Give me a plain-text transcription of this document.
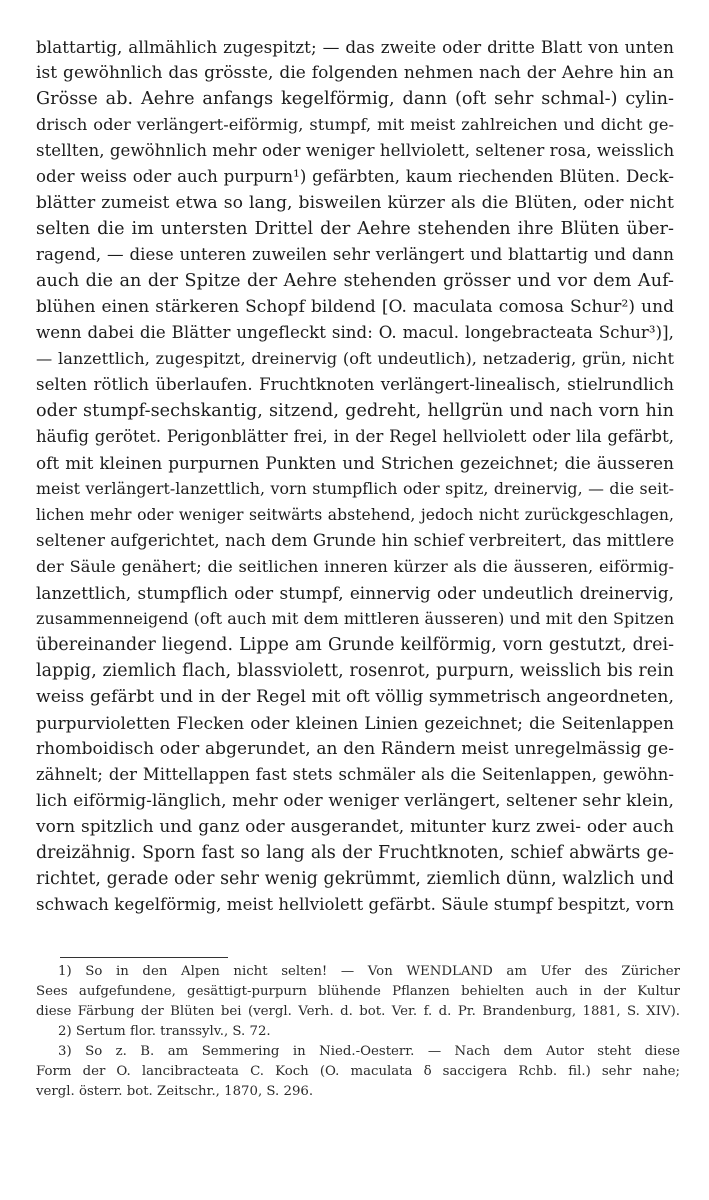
blattartig, allmählich zugespitzt; — das zweite oder dritte Blatt von unten
ist gewöhnlich das grösste, die folgenden nehmen nach der Aehre hin an
Grösse ab. Aehre anfangs kegelförmig, dann (oft sehr schmal-) cylin-
drisch oder verlängert-eiförmig, stumpf, mit meist zahlreichen und dicht ge-
stellten, gewöhnlich mehr oder weniger hellviolett, seltener rosa, weisslich
oder weiss oder auch purpurn¹) gefärbten, kaum riechenden Blüten. Deck-
blätter zumeist etwa so lang, bisweilen kürzer als die Blüten, oder nicht
selten die im untersten Drittel der Aehre stehenden ihre Blüten über-
ragend, — diese unteren zuweilen sehr verlängert und blattartig und dann
auch die an der Spitze der Aehre stehenden grösser und vor dem Auf-
blühen einen stärkeren Schopf bildend [O. maculata comosa Schur²) und
wenn dabei die Blätter ungefleckt sind: O. macul. longebracteata Schur³)],
— lanzettlich, zugespitzt, dreinervig (oft undeutlich), netzaderig, grün, nicht
selten rötlich überlaufen. Fruchtknoten verlängert-linealisch, stielrundlich
oder stumpf-sechskantig, sitzend, gedreht, hellgrün und nach vorn hin
häufig gerötet. Perigonblätter frei, in der Regel hellviolett oder lila gefärbt,
oft mit kleinen purpurnen Punkten und Strichen gezeichnet; die äusseren
meist verlängert-lanzettlich, vorn stumpflich oder spitz, dreinervig, — die seit-
lichen mehr oder weniger seitwärts abstehend, jedoch nicht zurückgeschlagen,
seltener aufgerichtet, nach dem Grunde hin schief verbreitert, das mittlere
der Säule genähert; die seitlichen inneren kürzer als die äusseren, eiförmig-
lanzettlich, stumpflich oder stumpf, einnervig oder undeutlich dreinervig,
zusammenneigend (oft auch mit dem mittleren äusseren) und mit den Spitzen
übereinander liegend. Lippe am Grunde keilförmig, vorn gestutzt, drei-
lappig, ziemlich flach, blassviolett, rosenrot, purpurn, weisslich bis rein
weiss gefärbt und in der Regel mit oft völlig symmetrisch angeordneten,
purpurvioletten Flecken oder kleinen Linien gezeichnet; die Seitenlappen
rhomboidisch oder abgerundet, an den Rändern meist unregelmässig ge-
zähnelt; der Mittellappen fast stets schmäler als die Seitenlappen, gewöhn-
lich eiförmig-länglich, mehr oder weniger verlängert, seltener sehr klein,
vorn spitzlich und ganz oder ausgerandet, mitunter kurz zwei- oder auch
dreizähnig. Sporn fast so lang als der Fruchtknoten, schief abwärts ge-
richtet, gerade oder sehr wenig gekrümmt, ziemlich dünn, walzlich und
schwach kegelförmig, meist hellviolett gefärbt. Säule stumpf bespitzt, vorn
1) So in den Alpen nicht selten! — Von WENDLAND am Ufer des Züricher
Sees aufgefundene, gesättigt-purpurn blühende Pflanzen behielten auch in der Kultur
diese Färbung der Blüten bei (vergl. Verh. d. bot. Ver. f. d. Pr. Brandenburg, 1881, S. XIV).
2) Sertum flor. transsylv., S. 72.
3) So z. B. am Semmering in Nied.-Oesterr. — Nach dem Autor steht diese
Form der O. lancibracteata C. Koch (O. maculata δ saccigera Rchb. fil.) sehr nahe;
vergl. österr. bot. Zeitschr., 1870, S. 296.
